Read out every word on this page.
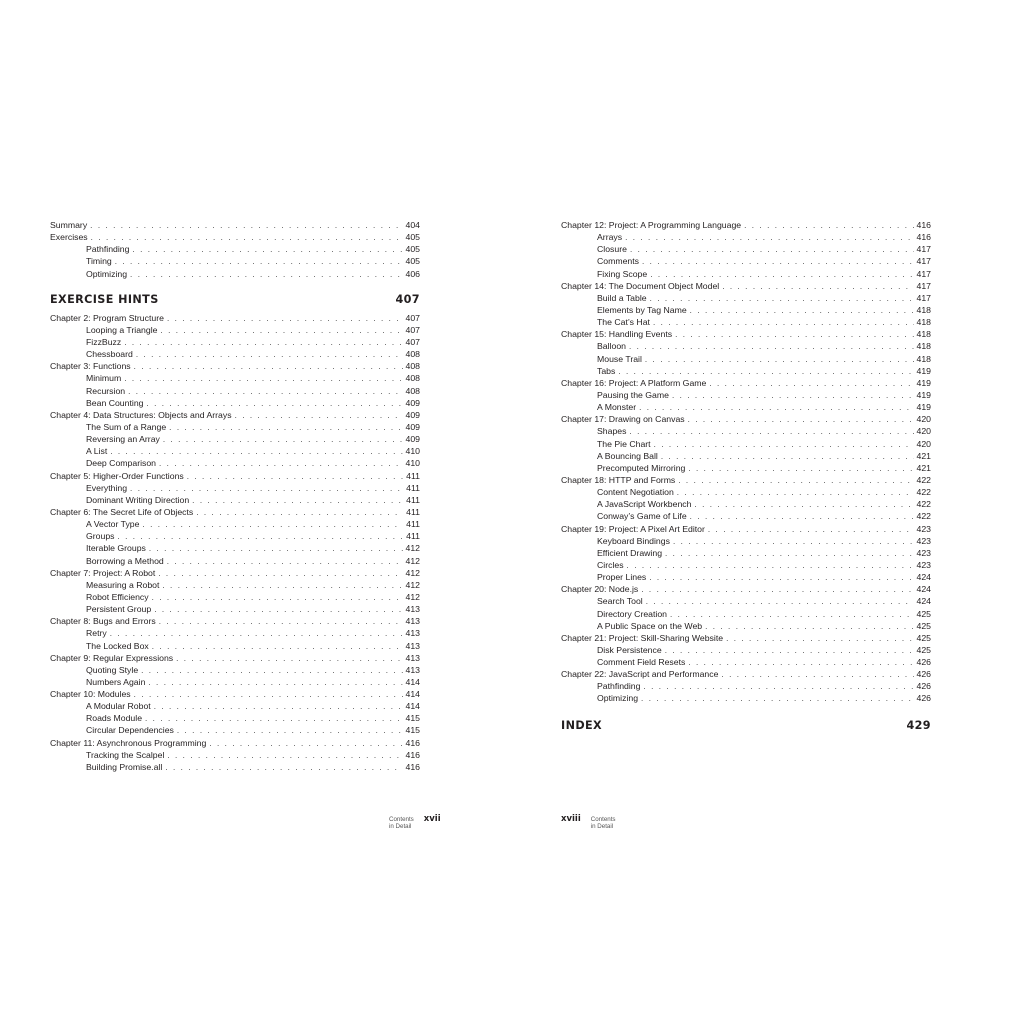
Summary . . .	404
Exercises . . .	405
Pathfinding . . .	405
Timing . . .	405
Optimizing . . .	406
EXERCISE HINTS	407
Chapter 2: Program Structure . . .	407
Looping a Triangle . . .	407
FizzBuzz . . .	407
Chessboard . . .	408
Chapter 3: Functions . . .	408
Minimum . . .	408
Recursion . . .	408
Bean Counting . . .	409
Chapter 4: Data Structures: Objects and Arrays . . .	409
The Sum of a Range . . .	409
Reversing an Array . . .	409
A List . . .	410
Deep Comparison . . .	410
Chapter 5: Higher-Order Functions . . .	411
Everything . . .	411
Dominant Writing Direction . . .	411
Chapter 6: The Secret Life of Objects . . .	411
A Vector Type . . .	411
Groups . . .	411
Iterable Groups . . .	412
Borrowing a Method . . .	412
Chapter 7: Project: A Robot . . .	412
Measuring a Robot . . .	412
Robot Efficiency . . .	412
Persistent Group . . .	413
Chapter 8: Bugs and Errors . . .	413
Retry . . .	413
The Locked Box . . .	413
Chapter 9: Regular Expressions . . .	413
Quoting Style . . .	413
Numbers Again . . .	414
Chapter 10: Modules . . .	414
A Modular Robot . . .	414
Roads Module . . .	415
Circular Dependencies . . .	415
Chapter 11: Asynchronous Programming . . .	416
Tracking the Scalpel . . .	416
Building Promise.all . . .	416
Contents in Detail
xvii
Chapter 12: Project: A Programming Language . . .	416
Arrays . . .	416
Closure . . .	417
Comments . . .	417
Fixing Scope . . .	417
Chapter 14: The Document Object Model . . .	417
Build a Table . . .	417
Elements by Tag Name . . .	418
The Cat’s Hat . . .	418
Chapter 15: Handling Events . . .	418
Balloon . . .	418
Mouse Trail . . .	418
Tabs . . .	419
Chapter 16: Project: A Platform Game . . .	419
Pausing the Game . . .	419
A Monster . . .	419
Chapter 17: Drawing on Canvas . . .	420
Shapes . . .	420
The Pie Chart . . .	420
A Bouncing Ball . . .	421
Precomputed Mirroring . . .	421
Chapter 18: HTTP and Forms . . .	422
Content Negotiation . . .	422
A JavaScript Workbench . . .	422
Conway’s Game of Life . . .	422
Chapter 19: Project: A Pixel Art Editor . . .	423
Keyboard Bindings . . .	423
Efficient Drawing . . .	423
Circles . . .	423
Proper Lines . . .	424
Chapter 20: Node.js . . .	424
Search Tool . . .	424
Directory Creation . . .	425
A Public Space on the Web . . .	425
Chapter 21: Project: Skill-Sharing Website . . .	425
Disk Persistence . . .	425
Comment Field Resets . . .	426
Chapter 22: JavaScript and Performance . . .	426
Pathfinding . . .	426
Optimizing . . .	426
INDEX	429
xviii Contents in Detail
